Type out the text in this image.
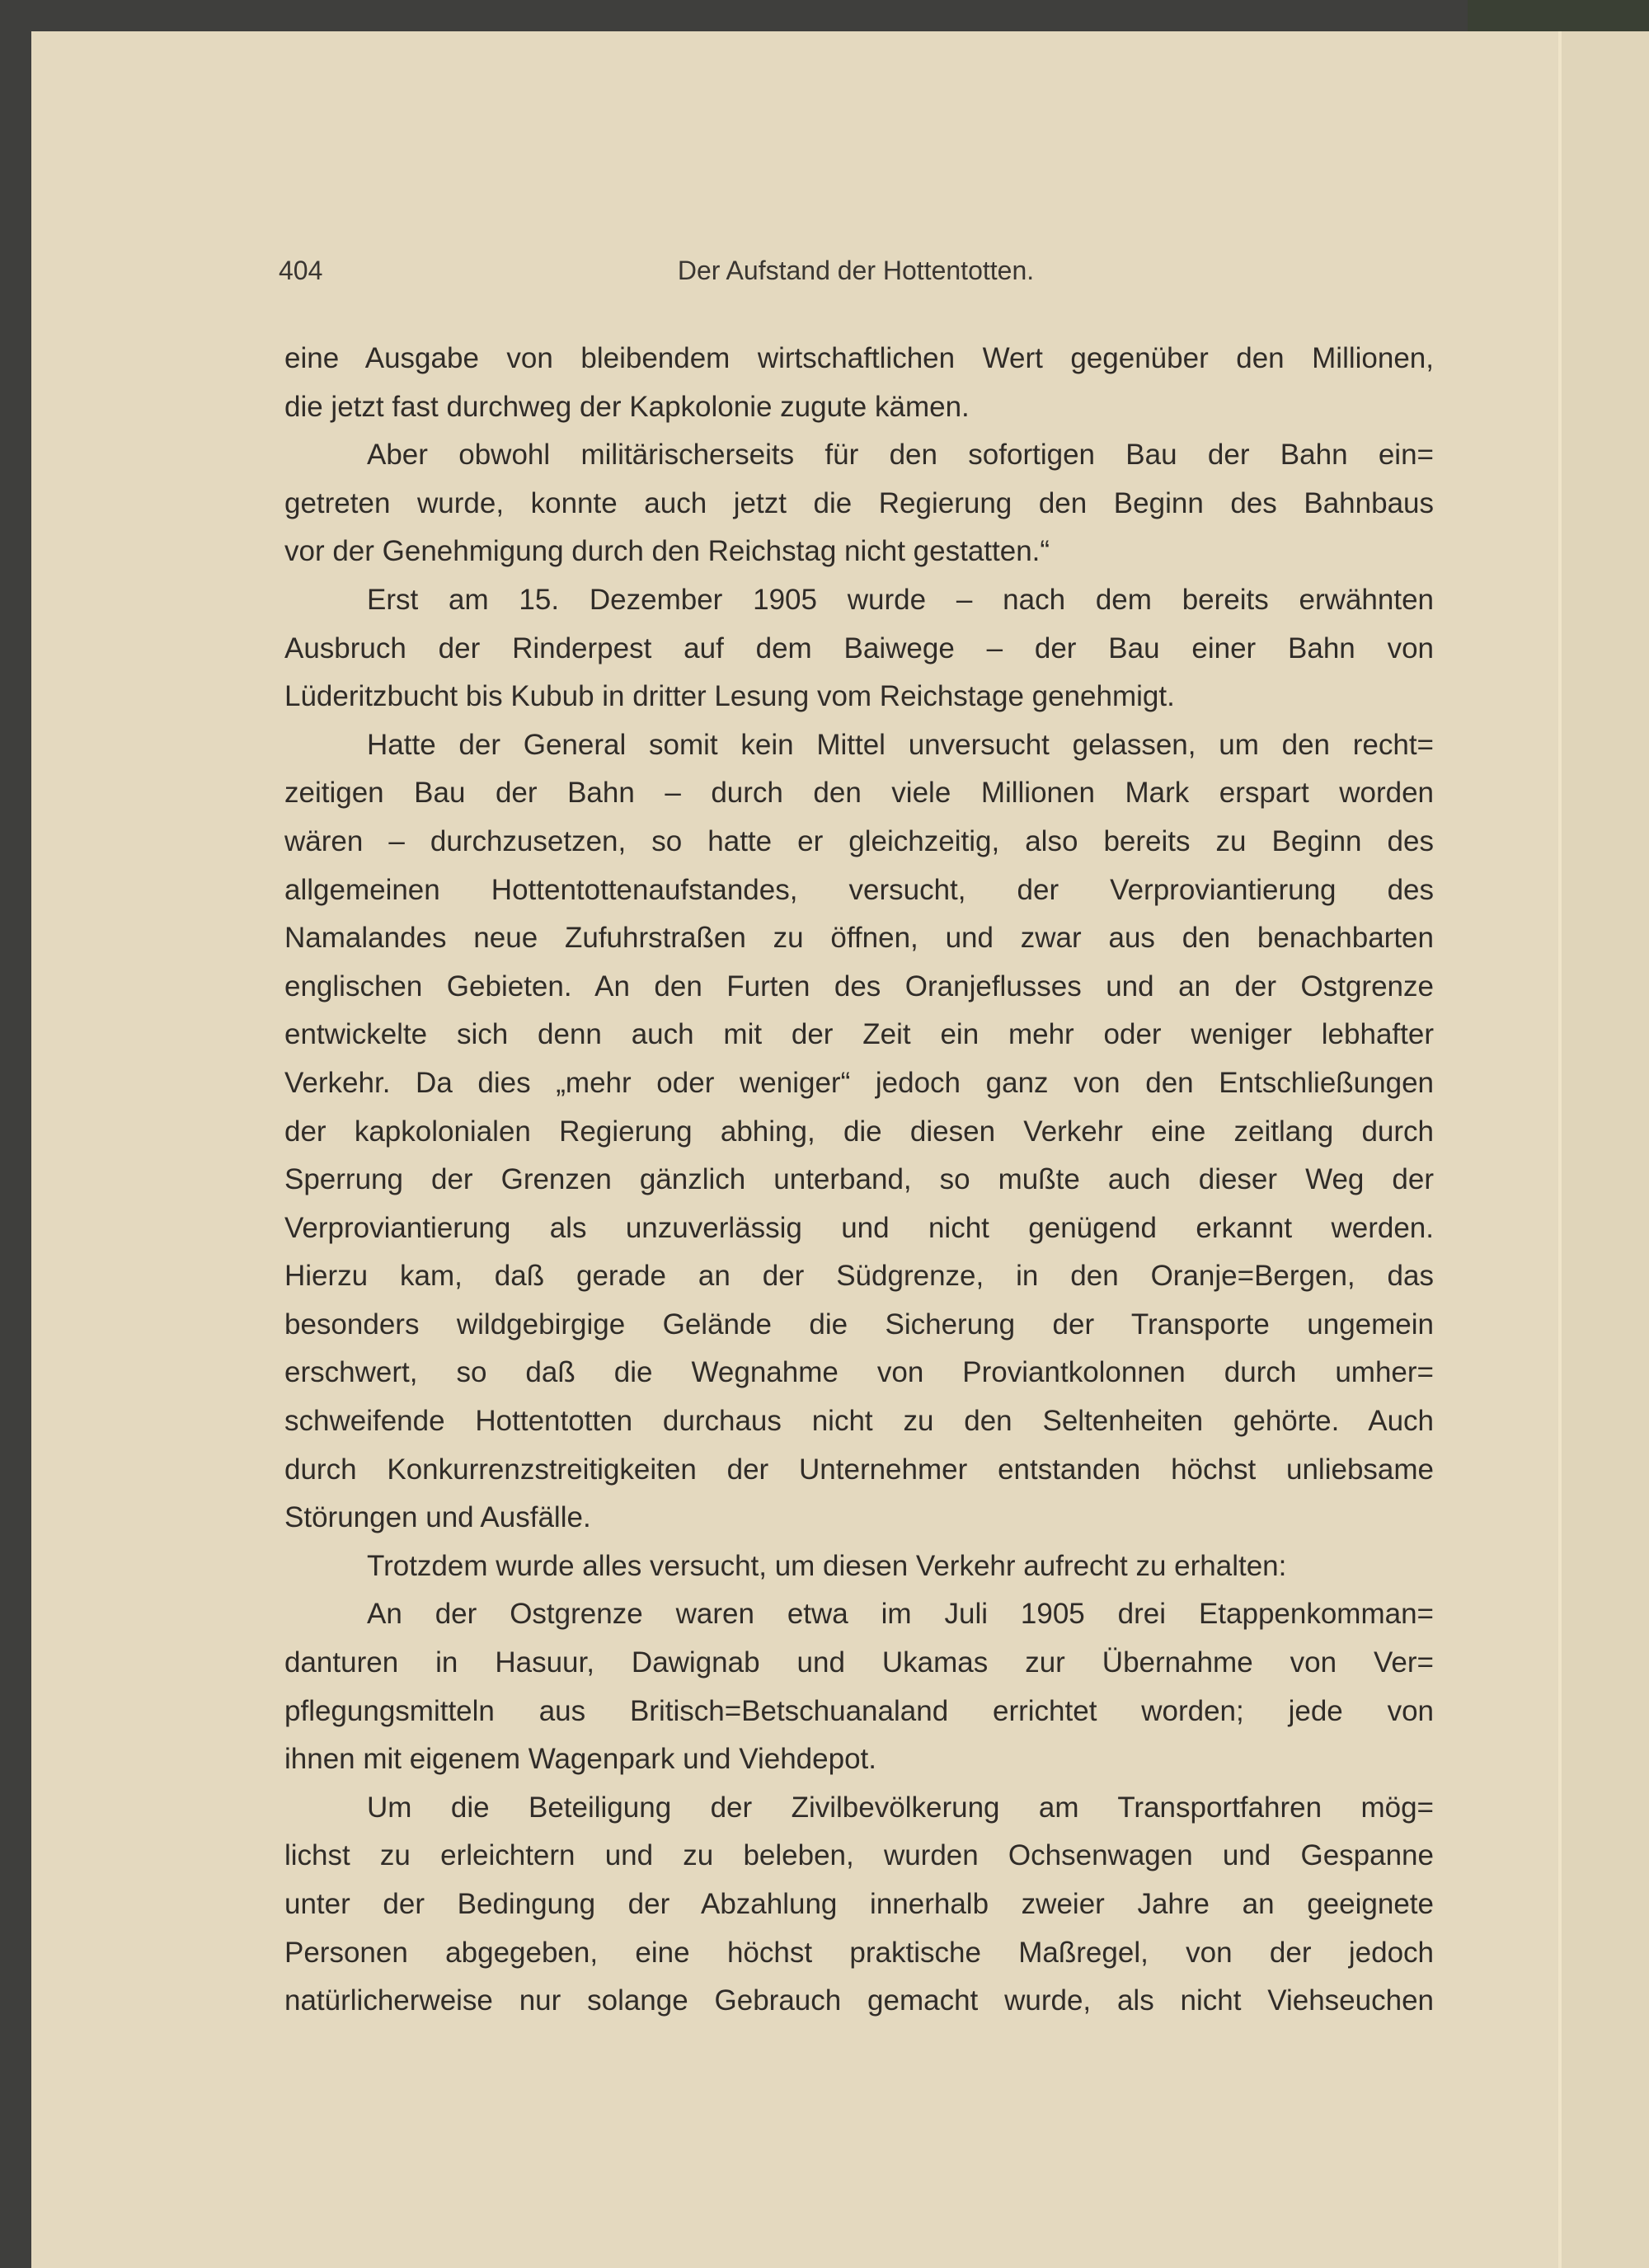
404	Der Aufstand der Hottentotten.
eine Ausgabe von bleibendem wirtschaftlichen Wert gegenüber den Millionen,
die jetzt fast durchweg der Kapkolonie zugute kämen.
Aber obwohl militärischerseits für den sofortigen Bau der Bahn ein=
getreten wurde, konnte auch jetzt die Regierung den Beginn des Bahnbaus
vor der Genehmigung durch den Reichstag nicht gestatten.“
Erst am 15. Dezember 1905 wurde – nach dem bereits erwähnten
Ausbruch der Rinderpest auf dem Baiwege – der Bau einer Bahn von
Lüderitzbucht bis Kubub in dritter Lesung vom Reichstage genehmigt.
Hatte der General somit kein Mittel unversucht gelassen, um den recht=
zeitigen Bau der Bahn – durch den viele Millionen Mark erspart worden
wären – durchzusetzen, so hatte er gleichzeitig, also bereits zu Beginn des
allgemeinen Hottentottenaufstandes, versucht, der Verproviantierung des
Namalandes neue Zufuhrstraßen zu öffnen, und zwar aus den benachbarten
englischen Gebieten. An den Furten des Oranjeflusses und an der Ostgrenze
entwickelte sich denn auch mit der Zeit ein mehr oder weniger lebhafter
Verkehr. Da dies „mehr oder weniger“ jedoch ganz von den Entschließungen
der kapkolonialen Regierung abhing, die diesen Verkehr eine zeitlang durch
Sperrung der Grenzen gänzlich unterband, so mußte auch dieser Weg der
Verproviantierung als unzuverlässig und nicht genügend erkannt werden.
Hierzu kam, daß gerade an der Südgrenze, in den Oranje=Bergen, das
besonders wildgebirgige Gelände die Sicherung der Transporte ungemein
erschwert, so daß die Wegnahme von Proviantkolonnen durch umher=
schweifende Hottentotten durchaus nicht zu den Seltenheiten gehörte. Auch
durch Konkurrenzstreitigkeiten der Unternehmer entstanden höchst unliebsame
Störungen und Ausfälle.
Trotzdem wurde alles versucht, um diesen Verkehr aufrecht zu erhalten:
An der Ostgrenze waren etwa im Juli 1905 drei Etappenkomman=
danturen in Hasuur, Dawignab und Ukamas zur Übernahme von Ver=
pflegungsmitteln aus Britisch=Betschuanaland errichtet worden; jede von
ihnen mit eigenem Wagenpark und Viehdepot.
Um die Beteiligung der Zivilbevölkerung am Transportfahren mög=
lichst zu erleichtern und zu beleben, wurden Ochsenwagen und Gespanne
unter der Bedingung der Abzahlung innerhalb zweier Jahre an geeignete
Personen abgegeben, eine höchst praktische Maßregel, von der jedoch
natürlicherweise nur solange Gebrauch gemacht wurde, als nicht Viehseuchen
